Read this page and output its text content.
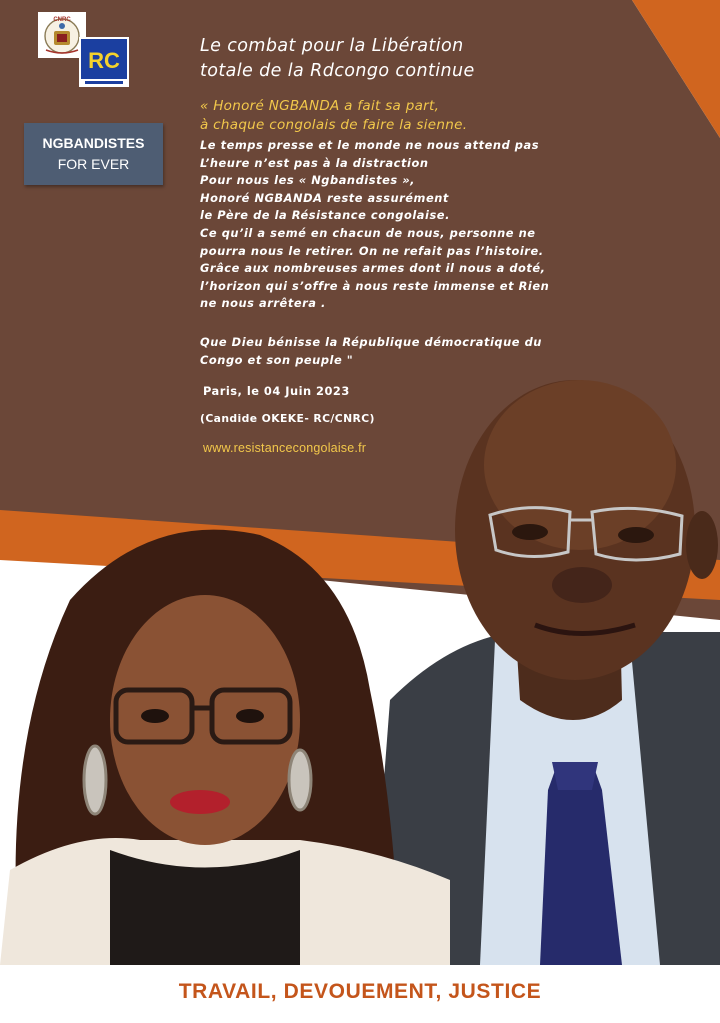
CNRC
RC
NGBANDISTES
FOR EVER
Le combat pour la Libération
totale de la Rdcongo continue
« Honoré NGBANDA a fait sa part,
à chaque congolais de faire la sienne.
Le temps presse et le monde ne nous attend pas
L’heure n’est pas à la distraction
Pour nous les « Ngbandistes »,
Honoré NGBANDA reste assurément
le Père de la Résistance congolaise.
Ce qu’il a semé en chacun de nous, personne ne
pourra nous le retirer. On ne refait pas l’histoire.
Grâce aux nombreuses armes dont il nous a doté,
l’horizon qui s’offre à nous reste immense et Rien
ne nous arrêtera .
Que Dieu bénisse la République démocratique du
Congo et son peuple "
Paris, le 04 Juin 2023
(Candide OKEKE- RC/CNRC)
www.resistancecongolaise.fr
TRAVAIL, DEVOUEMENT, JUSTICE
